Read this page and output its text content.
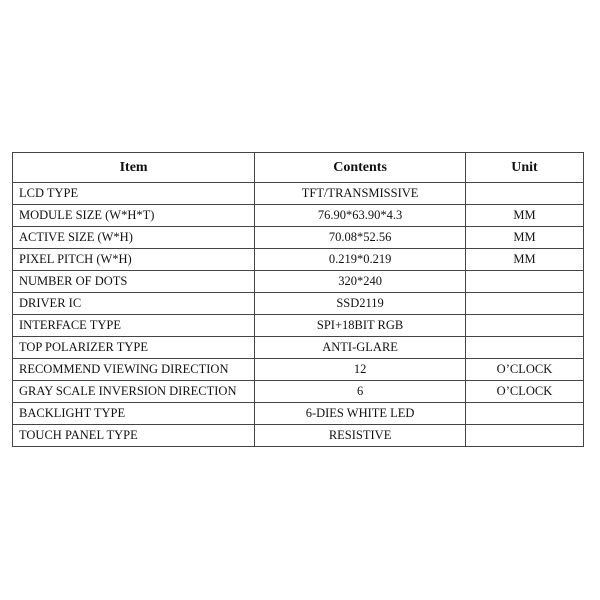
Item	Contents	Unit
LCD TYPE	TFT/TRANSMISSIVE	
MODULE SIZE (W*H*T)	76.90*63.90*4.3	MM
ACTIVE SIZE (W*H)	70.08*52.56	MM
PIXEL PITCH (W*H)	0.219*0.219	MM
NUMBER OF DOTS	320*240	
DRIVER IC	SSD2119	
INTERFACE TYPE	SPI+18BIT RGB	
TOP POLARIZER TYPE	ANTI-GLARE	
RECOMMEND VIEWING DIRECTION	12	O’CLOCK
GRAY SCALE INVERSION DIRECTION	6	O’CLOCK
BACKLIGHT TYPE	6-DIES WHITE LED	
TOUCH PANEL TYPE	RESISTIVE	
